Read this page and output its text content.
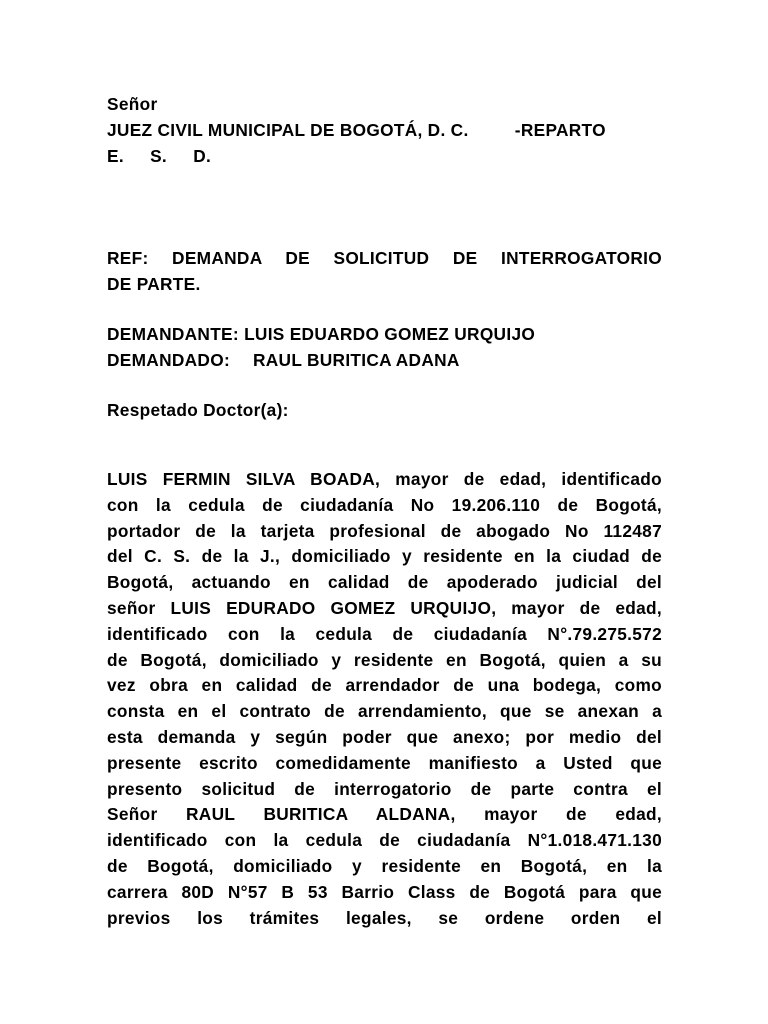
Señor
JUEZ CIVIL MUNICIPAL DE BOGOTÁ, D. C.	-REPARTO
E. S. D.
REF: DEMANDA DE SOLICITUD DE INTERROGATORIO
DE PARTE.
DEMANDANTE: LUIS EDUARDO GOMEZ URQUIJO
DEMANDADO: RAUL BURITICA ADANA
Respetado Doctor(a):
LUIS FERMIN SILVA BOADA, mayor de edad, identificado
con la cedula de ciudadanía No 19.206.110 de Bogotá,
portador de la tarjeta profesional de abogado No 112487
del C. S. de la J., domiciliado y residente en la ciudad de
Bogotá, actuando en calidad de apoderado judicial del
señor LUIS EDURADO GOMEZ URQUIJO, mayor de edad,
identificado con la cedula de ciudadanía N°.79.275.572
de Bogotá, domiciliado y residente en Bogotá, quien a su
vez obra en calidad de arrendador de una bodega, como
consta en el contrato de arrendamiento, que se anexan a
esta demanda y según poder que anexo; por medio del
presente escrito comedidamente manifiesto a Usted que
presento solicitud de interrogatorio de parte contra el
Señor RAUL BURITICA ALDANA, mayor de edad,
identificado con la cedula de ciudadanía N°1.018.471.130
de Bogotá, domiciliado y residente en Bogotá, en la
carrera 80D N°57 B 53 Barrio Class de Bogotá para que
previos los trámites legales, se ordene orden el
